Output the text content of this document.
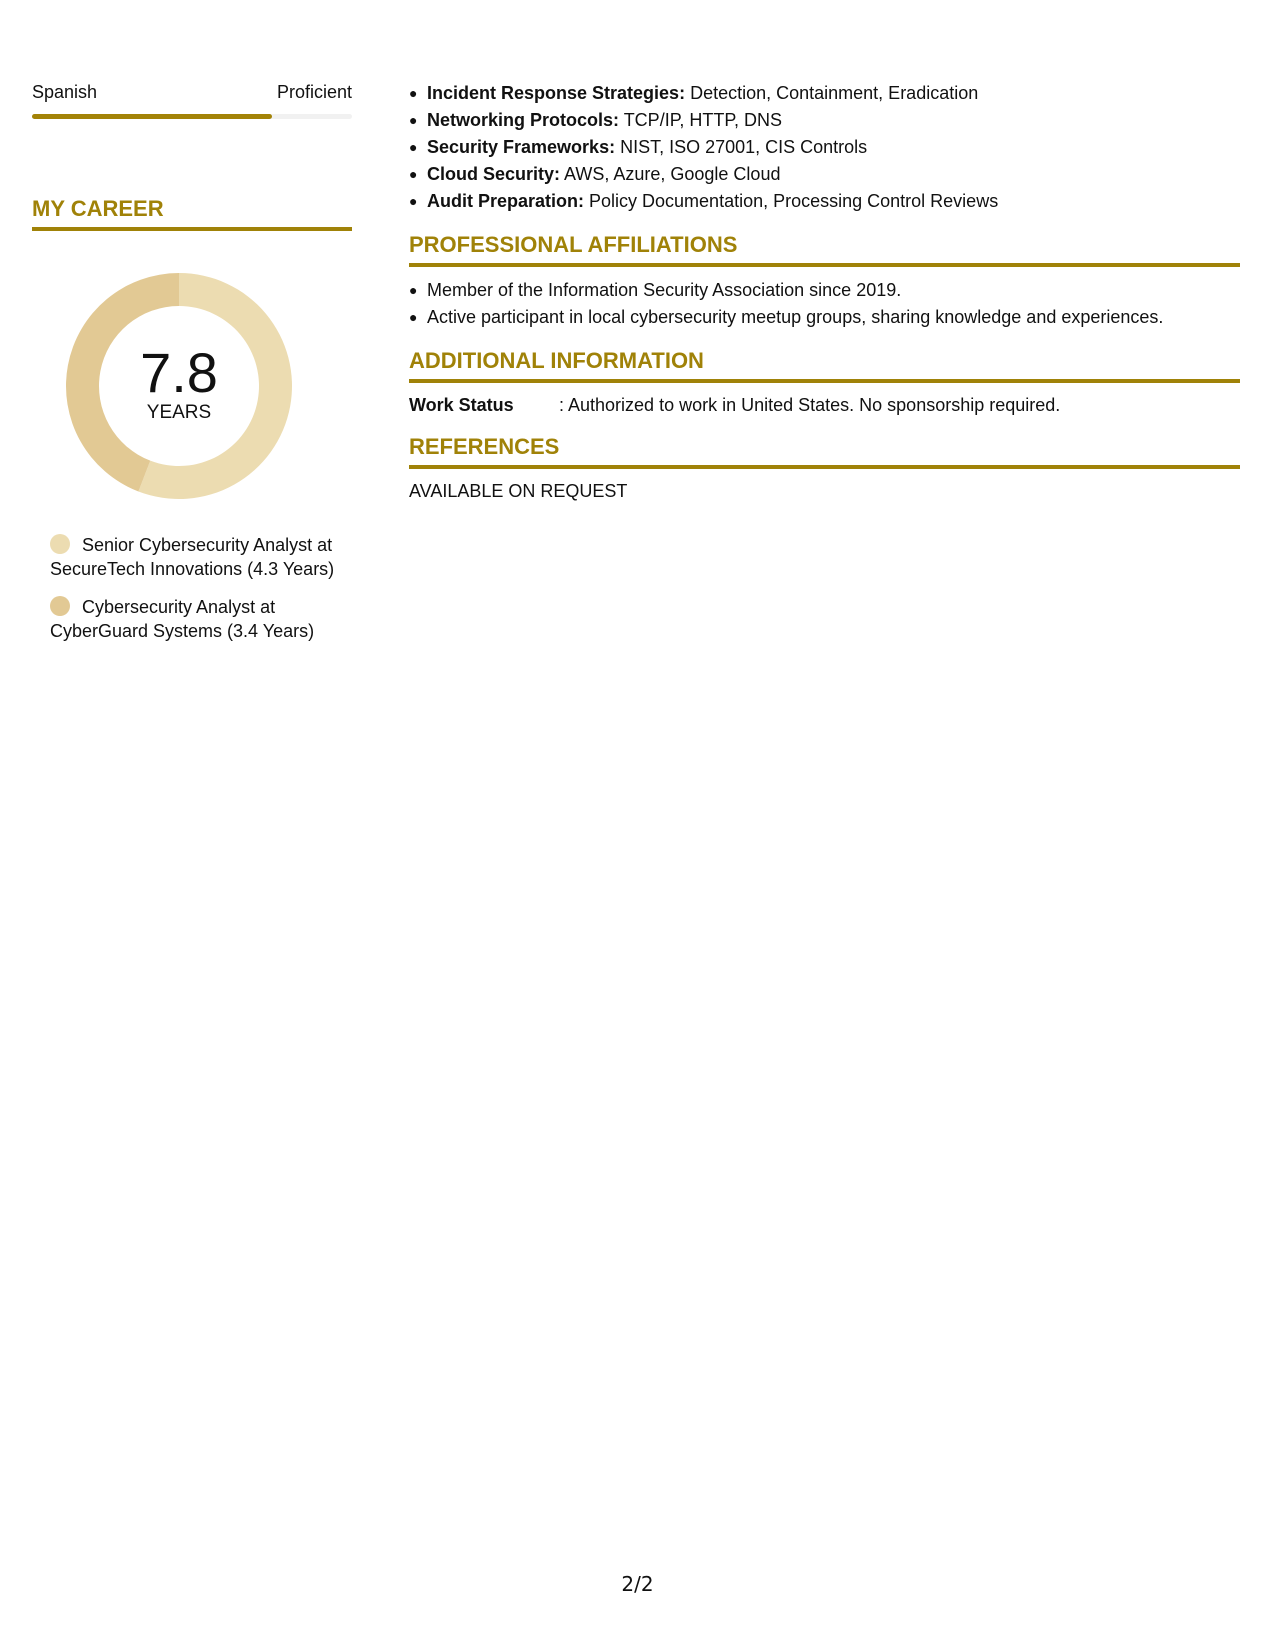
Spanish	Proficient
MY CAREER
7.8
YEARS
Senior Cybersecurity Analyst at SecureTech Innovations (4.3 Years)
Cybersecurity Analyst at CyberGuard Systems (3.4 Years)
● Incident Response Strategies: Detection, Containment, Eradication
● Networking Protocols: TCP/IP, HTTP, DNS
● Security Frameworks: NIST, ISO 27001, CIS Controls
● Cloud Security: AWS, Azure, Google Cloud
● Audit Preparation: Policy Documentation, Processing Control Reviews
PROFESSIONAL AFFILIATIONS
● Member of the Information Security Association since 2019.
● Active participant in local cybersecurity meetup groups, sharing knowledge and experiences.
ADDITIONAL INFORMATION
Work Status	: Authorized to work in United States. No sponsorship required.
REFERENCES
AVAILABLE ON REQUEST
2/2
